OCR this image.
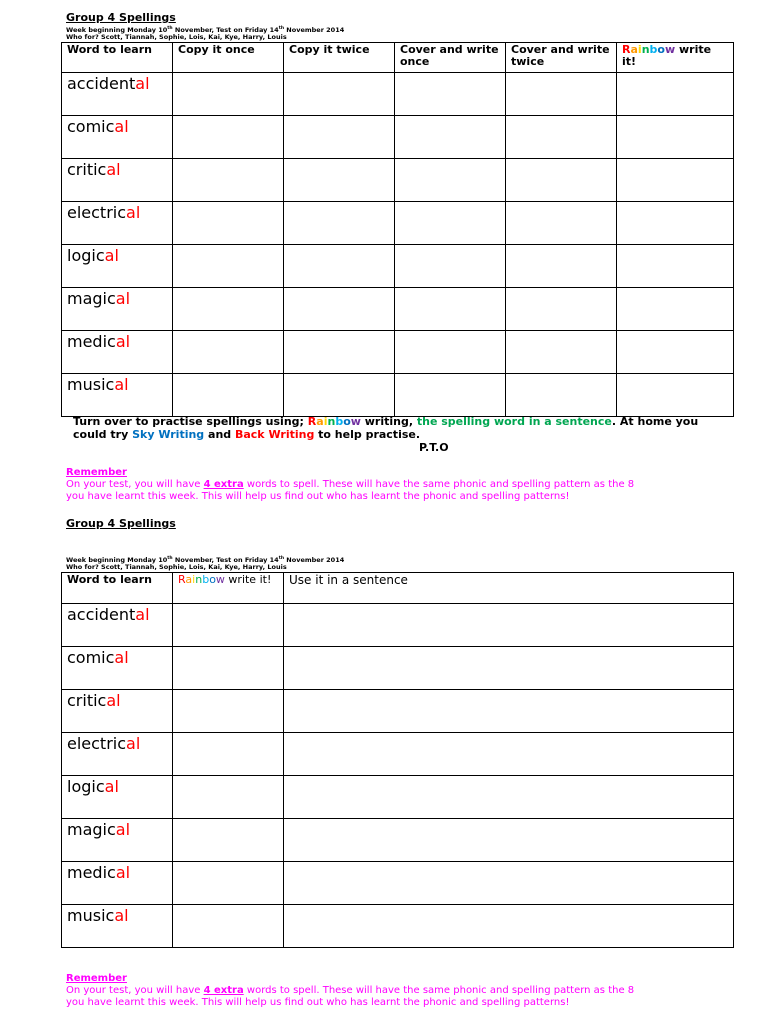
Group 4 Spellings
Week beginning Monday 10th November, Test on Friday 14th November 2014
Who for? Scott, Tiannah, Sophie, Lois, Kai, Kye, Harry, Louis
Word to learn	Copy it once	Copy it twice	Cover and write once	Cover and write twice	Rainbow write it!
accidental					
comical					
critical					
electrical					
logical					
magical					
medical					
musical					
Turn over to practise spellings using; Rainbow writing, the spelling word in a sentence. At home you
could try Sky Writing and Back Writing to help practise.
P.T.O
Remember
On your test, you will have 4 extra words to spell. These will have the same phonic and spelling pattern as the 8
you have learnt this week. This will help us find out who has learnt the phonic and spelling patterns!
Group 4 Spellings
Week beginning Monday 10th November, Test on Friday 14th November 2014
Who for? Scott, Tiannah, Sophie, Lois, Kai, Kye, Harry, Louis
Word to learn	Rainbow write it!	Use it in a sentence
accidental		
comical		
critical		
electrical		
logical		
magical		
medical		
musical		
Remember
On your test, you will have 4 extra words to spell. These will have the same phonic and spelling pattern as the 8
you have learnt this week. This will help us find out who has learnt the phonic and spelling patterns!
